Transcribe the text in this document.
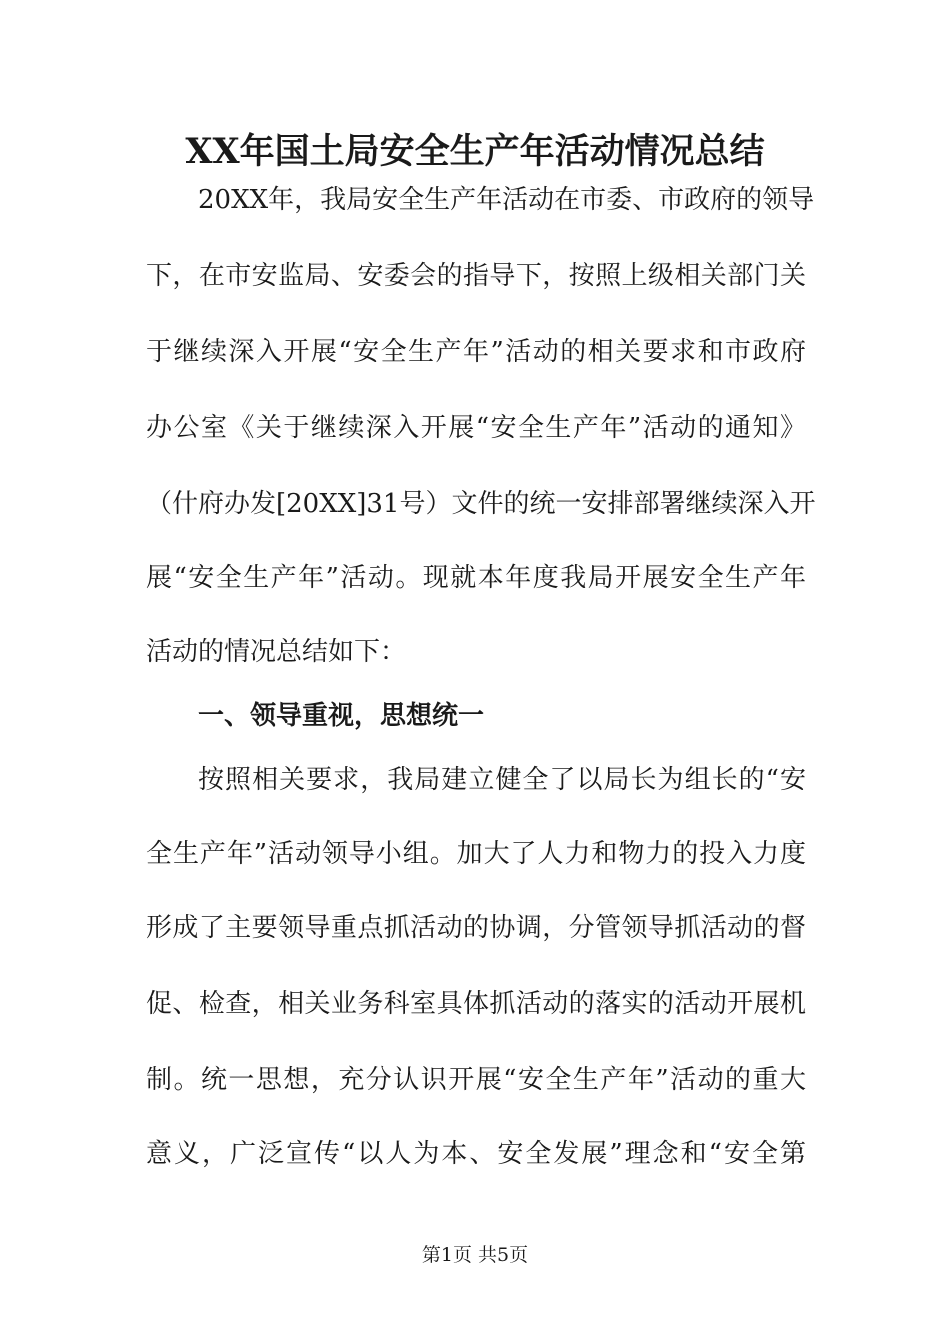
XX年国土局安全生产年活动情况总结
20XX年，我局安全生产年活动在市委、市政府的领导
下，在市安监局、安委会的指导下，按照上级相关部门关
于继续深入开展“安全生产年”活动的相关要求和市政府
办公室《关于继续深入开展“安全生产年”活动的通知》
（什府办发[20XX]31号）文件的统一安排部署继续深入开
展“安全生产年”活动。现就本年度我局开展安全生产年
活动的情况总结如下：
一、领导重视，思想统一
按照相关要求，我局建立健全了以局长为组长的“安
全生产年”活动领导小组。加大了人力和物力的投入力度
形成了主要领导重点抓活动的协调，分管领导抓活动的督
促、检查，相关业务科室具体抓活动的落实的活动开展机
制。统一思想，充分认识开展“安全生产年”活动的重大
意义，广泛宣传“以人为本、安全发展”理念和“安全第
第1页 共5页
